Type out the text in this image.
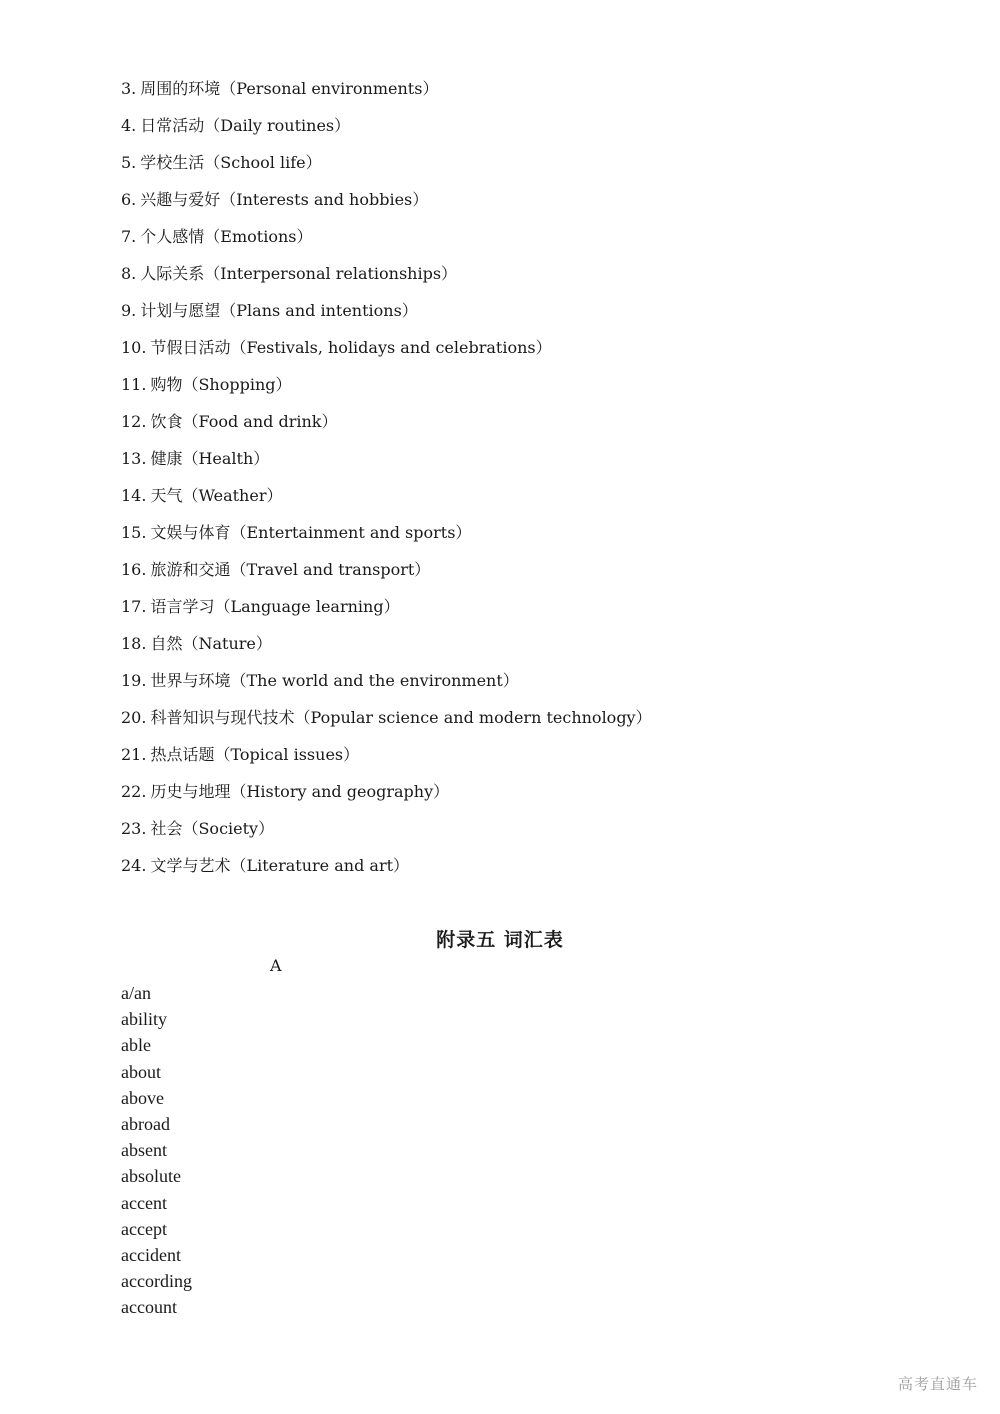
3. 周围的环境（Personal environments）
4. 日常活动（Daily routines）
5. 学校生活（School life）
6. 兴趣与爱好（Interests and hobbies）
7. 个人感情（Emotions）
8. 人际关系（Interpersonal relationships）
9. 计划与愿望（Plans and intentions）
10. 节假日活动（Festivals, holidays and celebrations）
11. 购物（Shopping）
12. 饮食（Food and drink）
13. 健康（Health）
14. 天气（Weather）
15. 文娱与体育（Entertainment and sports）
16. 旅游和交通（Travel and transport）
17. 语言学习（Language learning）
18. 自然（Nature）
19. 世界与环境（The world and the environment）
20. 科普知识与现代技术（Popular science and modern technology）
21. 热点话题（Topical issues）
22. 历史与地理（History and geography）
23. 社会（Society）
24. 文学与艺术（Literature and art）
附录五 词汇表
A
a/an
ability
able
about
above
abroad
absent
absolute
accent
accept
accident
according
account
高考直通车
